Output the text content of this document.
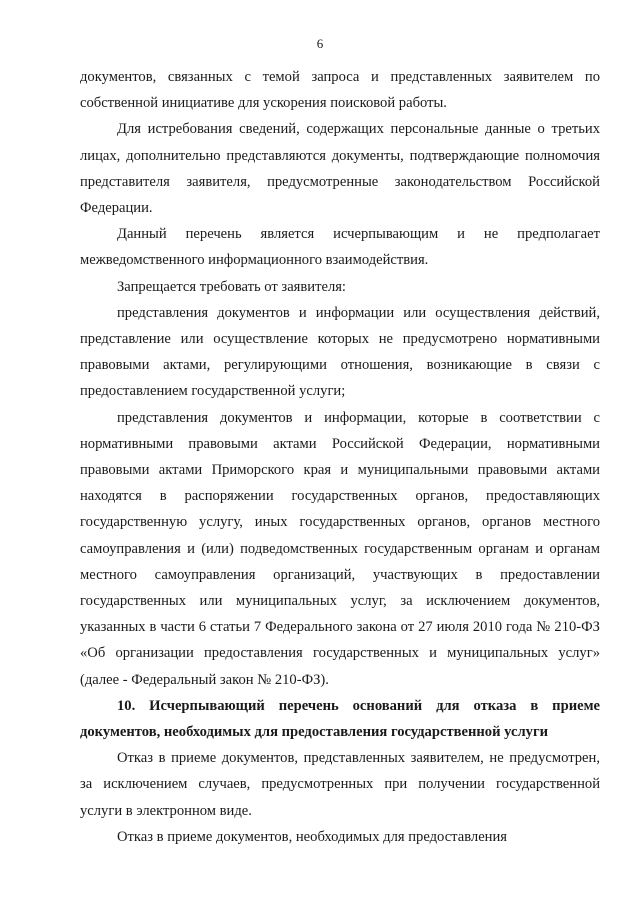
6

документов, связанных с темой запроса и представленных заявителем по собственной инициативе для ускорения поисковой работы.

Для истребования сведений, содержащих персональные данные о третьих лицах, дополнительно представляются документы, подтверждающие полномочия представителя заявителя, предусмотренные законодательством Российской Федерации.

Данный перечень является исчерпывающим и не предполагает межведомственного информационного взаимодействия.

Запрещается требовать от заявителя:

представления документов и информации или осуществления действий, представление или осуществление которых не предусмотрено нормативными правовыми актами, регулирующими отношения, возникающие в связи с предоставлением государственной услуги;

представления документов и информации, которые в соответствии с нормативными правовыми актами Российской Федерации, нормативными правовыми актами Приморского края и муниципальными правовыми актами находятся в распоряжении государственных органов, предоставляющих государственную услугу, иных государственных органов, органов местного самоуправления и (или) подведомственных государственным органам и органам местного самоуправления организаций, участвующих в предоставлении государственных или муниципальных услуг, за исключением документов, указанных в части 6 статьи 7 Федерального закона от 27 июля 2010 года № 210-ФЗ «Об организации предоставления государственных и муниципальных услуг» (далее - Федеральный закон № 210-ФЗ).

10. Исчерпывающий перечень оснований для отказа в приеме документов, необходимых для предоставления государственной услуги

Отказ в приеме документов, представленных заявителем, не предусмотрен, за исключением случаев, предусмотренных при получении государственной услуги в электронном виде.

Отказ в приеме документов, необходимых для предоставления
